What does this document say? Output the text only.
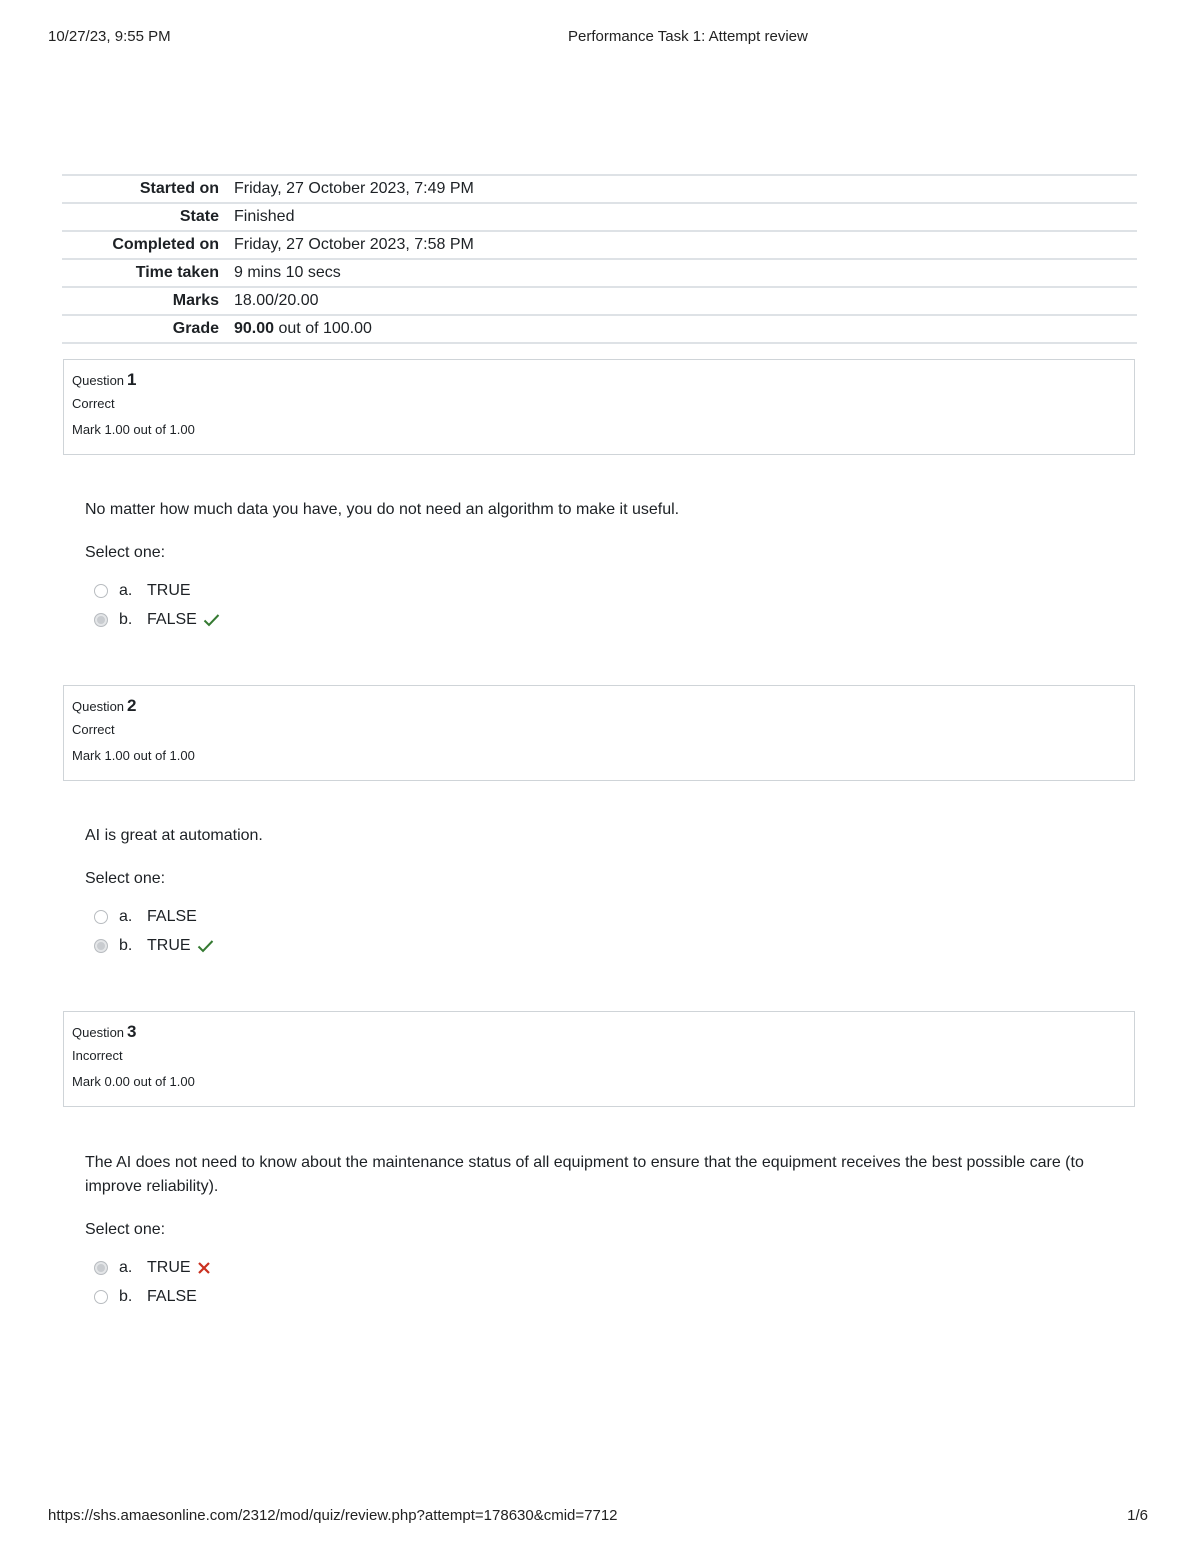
10/27/23, 9:55 PM	Performance Task 1: Attempt review
Started on Friday, 27 October 2023, 7:49 PM
State Finished
Completed on Friday, 27 October 2023, 7:58 PM
Time taken 9 mins 10 secs
Marks 18.00/20.00
Grade 90.00 out of 100.00
Question 1
Correct
Mark 1.00 out of 1.00
No matter how much data you have, you do not need an algorithm to make it useful.
Select one:
a. TRUE
b. FALSE
Question 2
Correct
Mark 1.00 out of 1.00
AI is great at automation.
Select one:
a. FALSE
b. TRUE
Question 3
Incorrect
Mark 0.00 out of 1.00
The AI does not need to know about the maintenance status of all equipment to ensure that the equipment receives the best possible care (to improve reliability).
Select one:
a. TRUE
b. FALSE
https://shs.amaesonline.com/2312/mod/quiz/review.php?attempt=178630&cmid=7712	1/6
